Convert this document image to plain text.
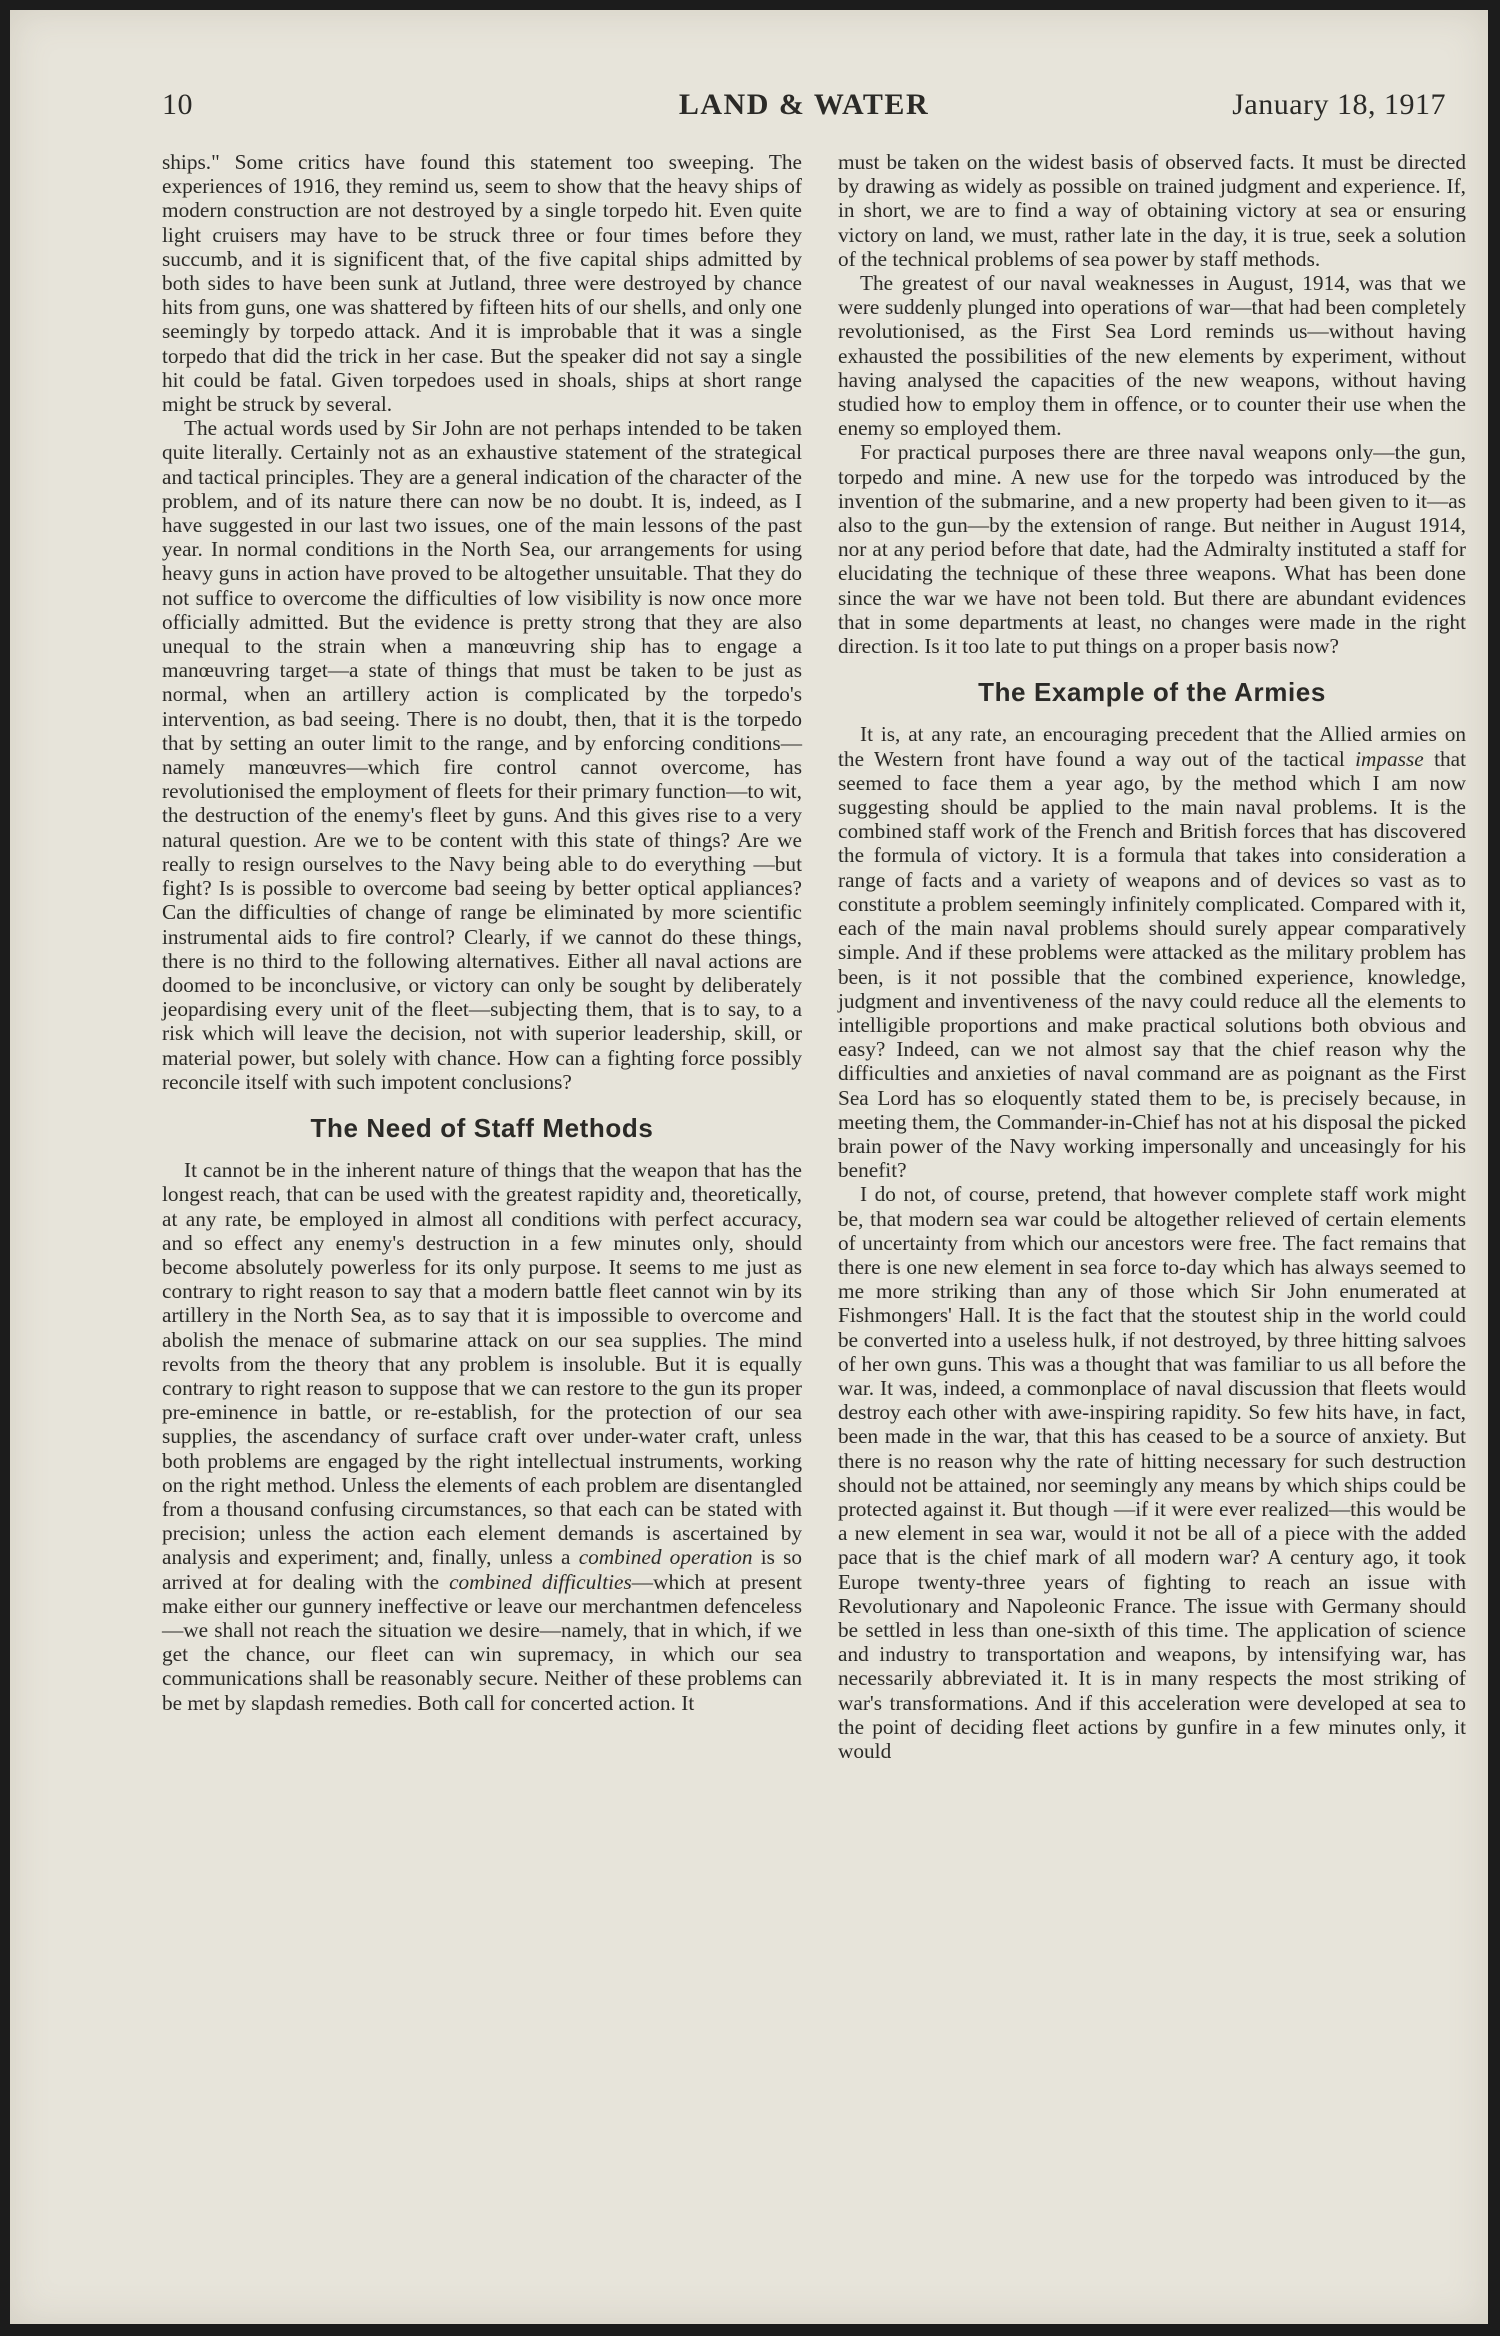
10	LAND & WATER	January 18, 1917

ships." Some critics have found this statement too sweeping. The experiences of 1916, they remind us, seem to show that the heavy ships of modern construction are not destroyed by a single torpedo hit. Even quite light cruisers may have to be struck three or four times before they succumb, and it is significent that, of the five capital ships admitted by both sides to have been sunk at Jutland, three were destroyed by chance hits from guns, one was shattered by fifteen hits of our shells, and only one seemingly by torpedo attack. And it is improbable that it was a single torpedo that did the trick in her case. But the speaker did not say a single hit could be fatal. Given torpedoes used in shoals, ships at short range might be struck by several.

The actual words used by Sir John are not perhaps intended to be taken quite literally. Certainly not as an exhaustive statement of the strategical and tactical principles. They are a general indication of the character of the problem, and of its nature there can now be no doubt. It is, indeed, as I have suggested in our last two issues, one of the main lessons of the past year. In normal conditions in the North Sea, our arrangements for using heavy guns in action have proved to be altogether unsuitable. That they do not suffice to overcome the difficulties of low visibility is now once more officially admitted. But the evidence is pretty strong that they are also unequal to the strain when a manœuvring ship has to engage a manœuvring target—a state of things that must be taken to be just as normal, when an artillery action is complicated by the torpedo's intervention, as bad seeing. There is no doubt, then, that it is the torpedo that by setting an outer limit to the range, and by enforcing conditions—namely manœuvres—which fire control cannot overcome, has revolutionised the employment of fleets for their primary function—to wit, the destruction of the enemy's fleet by guns. And this gives rise to a very natural question. Are we to be content with this state of things? Are we really to resign ourselves to the Navy being able to do everything —but fight? Is is possible to overcome bad seeing by better optical appliances? Can the difficulties of change of range be eliminated by more scientific instrumental aids to fire control? Clearly, if we cannot do these things, there is no third to the following alternatives. Either all naval actions are doomed to be inconclusive, or victory can only be sought by deliberately jeopardising every unit of the fleet—subjecting them, that is to say, to a risk which will leave the decision, not with superior leadership, skill, or material power, but solely with chance. How can a fighting force possibly reconcile itself with such impotent conclusions?

The Need of Staff Methods

It cannot be in the inherent nature of things that the weapon that has the longest reach, that can be used with the greatest rapidity and, theoretically, at any rate, be employed in almost all conditions with perfect accuracy, and so effect any enemy's destruction in a few minutes only, should become absolutely powerless for its only purpose. It seems to me just as contrary to right reason to say that a modern battle fleet cannot win by its artillery in the North Sea, as to say that it is impossible to overcome and abolish the menace of submarine attack on our sea supplies. The mind revolts from the theory that any problem is insoluble. But it is equally contrary to right reason to suppose that we can restore to the gun its proper pre-eminence in battle, or re-establish, for the protection of our sea supplies, the ascendancy of surface craft over under-water craft, unless both problems are engaged by the right intellectual instruments, working on the right method. Unless the elements of each problem are disentangled from a thousand confusing circumstances, so that each can be stated with precision; unless the action each element demands is ascertained by analysis and experiment; and, finally, unless a combined operation is so arrived at for dealing with the combined difficulties—which at present make either our gunnery ineffective or leave our merchantmen defenceless—we shall not reach the situation we desire—namely, that in which, if we get the chance, our fleet can win supremacy, in which our sea communications shall be reasonably secure. Neither of these problems can be met by slapdash remedies. Both call for concerted action. It

must be taken on the widest basis of observed facts. It must be directed by drawing as widely as possible on trained judgment and experience. If, in short, we are to find a way of obtaining victory at sea or ensuring victory on land, we must, rather late in the day, it is true, seek a solution of the technical problems of sea power by staff methods.

The greatest of our naval weaknesses in August, 1914, was that we were suddenly plunged into operations of war—that had been completely revolutionised, as the First Sea Lord reminds us—without having exhausted the possibilities of the new elements by experiment, without having analysed the capacities of the new weapons, without having studied how to employ them in offence, or to counter their use when the enemy so employed them.

For practical purposes there are three naval weapons only—the gun, torpedo and mine. A new use for the torpedo was introduced by the invention of the submarine, and a new property had been given to it—as also to the gun—by the extension of range. But neither in August 1914, nor at any period before that date, had the Admiralty instituted a staff for elucidating the technique of these three weapons. What has been done since the war we have not been told. But there are abundant evidences that in some departments at least, no changes were made in the right direction. Is it too late to put things on a proper basis now?

The Example of the Armies

It is, at any rate, an encouraging precedent that the Allied armies on the Western front have found a way out of the tactical impasse that seemed to face them a year ago, by the method which I am now suggesting should be applied to the main naval problems. It is the combined staff work of the French and British forces that has discovered the formula of victory. It is a formula that takes into consideration a range of facts and a variety of weapons and of devices so vast as to constitute a problem seemingly infinitely complicated. Compared with it, each of the main naval problems should surely appear comparatively simple. And if these problems were attacked as the military problem has been, is it not possible that the combined experience, knowledge, judgment and inventiveness of the navy could reduce all the elements to intelligible proportions and make practical solutions both obvious and easy? Indeed, can we not almost say that the chief reason why the difficulties and anxieties of naval command are as poignant as the First Sea Lord has so eloquently stated them to be, is precisely because, in meeting them, the Commander-in-Chief has not at his disposal the picked brain power of the Navy working impersonally and unceasingly for his benefit?

I do not, of course, pretend, that however complete staff work might be, that modern sea war could be altogether relieved of certain elements of uncertainty from which our ancestors were free. The fact remains that there is one new element in sea force to-day which has always seemed to me more striking than any of those which Sir John enumerated at Fishmongers' Hall. It is the fact that the stoutest ship in the world could be converted into a useless hulk, if not destroyed, by three hitting salvoes of her own guns. This was a thought that was familiar to us all before the war. It was, indeed, a commonplace of naval discussion that fleets would destroy each other with awe-inspiring rapidity. So few hits have, in fact, been made in the war, that this has ceased to be a source of anxiety. But there is no reason why the rate of hitting necessary for such destruction should not be attained, nor seemingly any means by which ships could be protected against it. But though —if it were ever realized—this would be a new element in sea war, would it not be all of a piece with the added pace that is the chief mark of all modern war? A century ago, it took Europe twenty-three years of fighting to reach an issue with Revolutionary and Napoleonic France. The issue with Germany should be settled in less than one-sixth of this time. The application of science and industry to transportation and weapons, by intensifying war, has necessarily abbreviated it. It is in many respects the most striking of war's transformations. And if this acceleration were developed at sea to the point of deciding fleet actions by gunfire in a few minutes only, it would
